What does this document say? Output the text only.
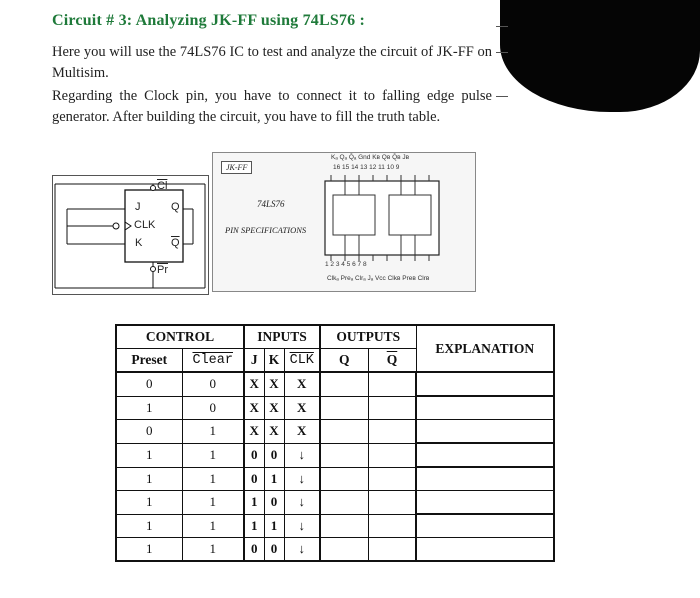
Circuit # 3: Analyzing JK-FF using 74LS76 :
Here you will use the 74LS76 IC to test and analyze the circuit of JK-FF on Multisim.
Regarding the Clock pin, you have to connect it to falling edge pulse generator. After building the circuit, you have to fill the truth table.
$\overline{Cl}$
J
CLK
K
Q
$\overline{Q}$
$\overline{Pr}$
JK-FF
74LS76
PIN SPECIFICATIONS
Kₐ Qₐ Q̄ₐ Gnd Kʙ Qʙ Q̄ʙ Jʙ
16 15 14 13 12 11 10 9
1 2 3 4 5 6 7 8
Clkₐ Preₐ Clrₐ Jₐ Vcc Clkʙ Preʙ Clrʙ
CONTROL		INPUTS			OUTPUTS		EXPLANATION
Preset	Clear	J	K	$\overline{CLK}$	Q	$\overline{Q}$
0	0	X	X	X			
1	0	X	X	X			
0	1	X	X	X			
1	1	0	0	↓			
1	1	0	1	↓			
1	1	1	0	↓			
1	1	1	1	↓			
1	1	0	0	↓			
